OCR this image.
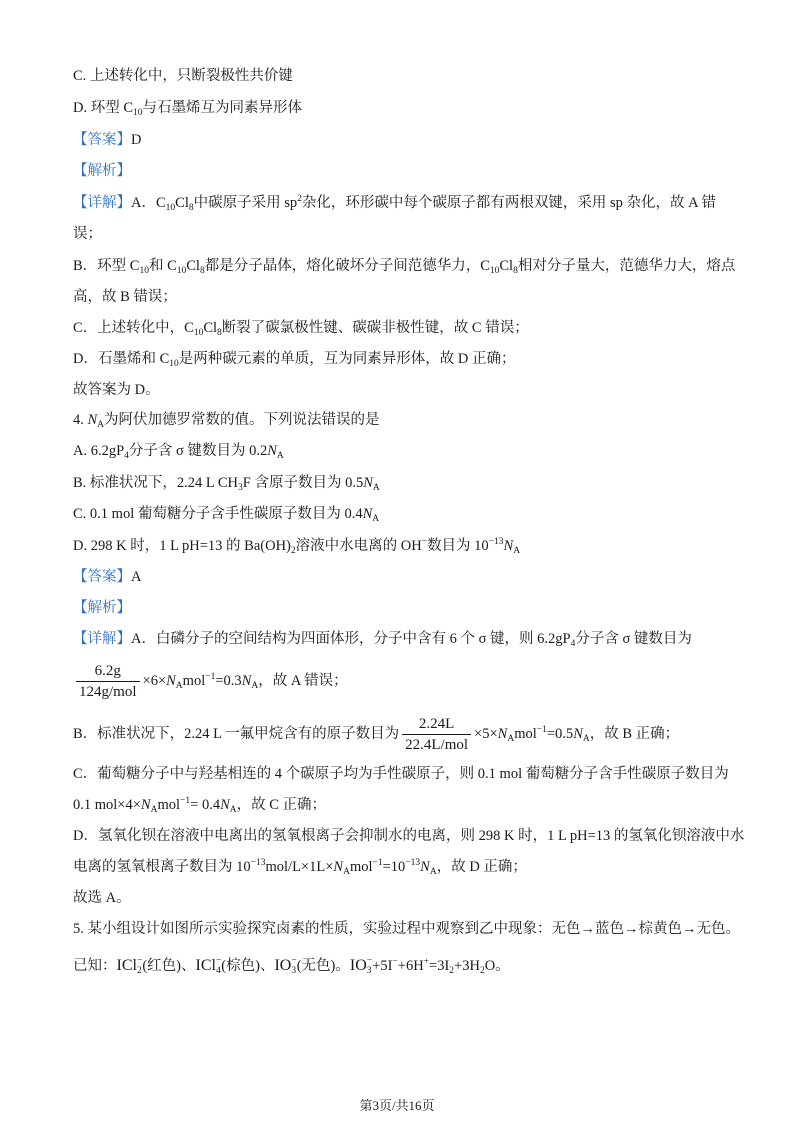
C. 上述转化中，只断裂极性共价键
D. 环型 $C_{10}$与石墨烯互为同素异形体
【答案】D
【解析】
【详解】A．$C_{10}Cl_8$中碳原子采用 $sp^2$杂化，环形碳中每个碳原子都有两根双键，采用 sp 杂化，故 A 错
误；
B．环型 $C_{10}$和 $C_{10}Cl_8$都是分子晶体，熔化破坏分子间范德华力，$C_{10}Cl_8$相对分子量大，范德华力大，熔点
高，故 B 错误；
C．上述转化中，$C_{10}Cl_8$断裂了碳氯极性键、碳碳非极性键，故 C 错误；
D．石墨烯和 $C_{10}$是两种碳元素的单质，互为同素异形体，故 D 正确；
故答案为 D。
4. $N_A$为阿伏加德罗常数的值。下列说法错误的是
A. $6.2gP_4$分子含 σ 键数目为 $0.2N_A$
B. 标准状况下，2.24 L $CH_3F$ 含原子数目为 $0.5N_A$
C. 0.1 mol 葡萄糖分子含手性碳原子数目为 $0.4N_A$
D. 298 K 时，1 L pH=13 的 $Ba(OH)_2$溶液中水电离的 OH−数目为 $10^{-13}N_A$
【答案】A
【解析】
【详解】A．白磷分子的空间结构为四面体形，分子中含有 6 个 σ 键，则 $6.2gP_4$分子含 σ 键数目为
$\frac{6.2g}{\text{124g/mol}} \times 6\times N_Amol^{-1}=0.3N_A$，故 A 错误；
B．标准状况下，2.24 L 一氟甲烷含有的原子数目为 $\frac{2.24L}{\text{22.4L/mol}} \times 5\times N_Amol^{-1}=0.5N_A$，故 B 正确；
C．葡萄糖分子中与羟基相连的 4 个碳原子均为手性碳原子，则 0.1 mol 葡萄糖分子含手性碳原子数目为
0.1 $mol\times 4\times N_Amol^{-1}= 0.4N_A$，故 C 正确；
D．氢氧化钡在溶液中电离出的氢氧根离子会抑制水的电离，则 298 K 时，1 L pH=13 的氢氧化钡溶液中水
电离的氢氧根离子数目为 $10^{-13}mol/L\times 1L\times N_Amol^{-1}=10^{-13}N_A$，故 D 正确；
故选 A。
5. 某小组设计如图所示实验探究卤素的性质，实验过程中观察到乙中现象：无色→蓝色→棕黄色→无色。
已知：ICl −
2 (红色)、ICl −
4 (棕色)、IO −
3 (无色)。IO −
$3 +5I^-+6H^+=3I_2+3H_2O$。
第3页/共16页
